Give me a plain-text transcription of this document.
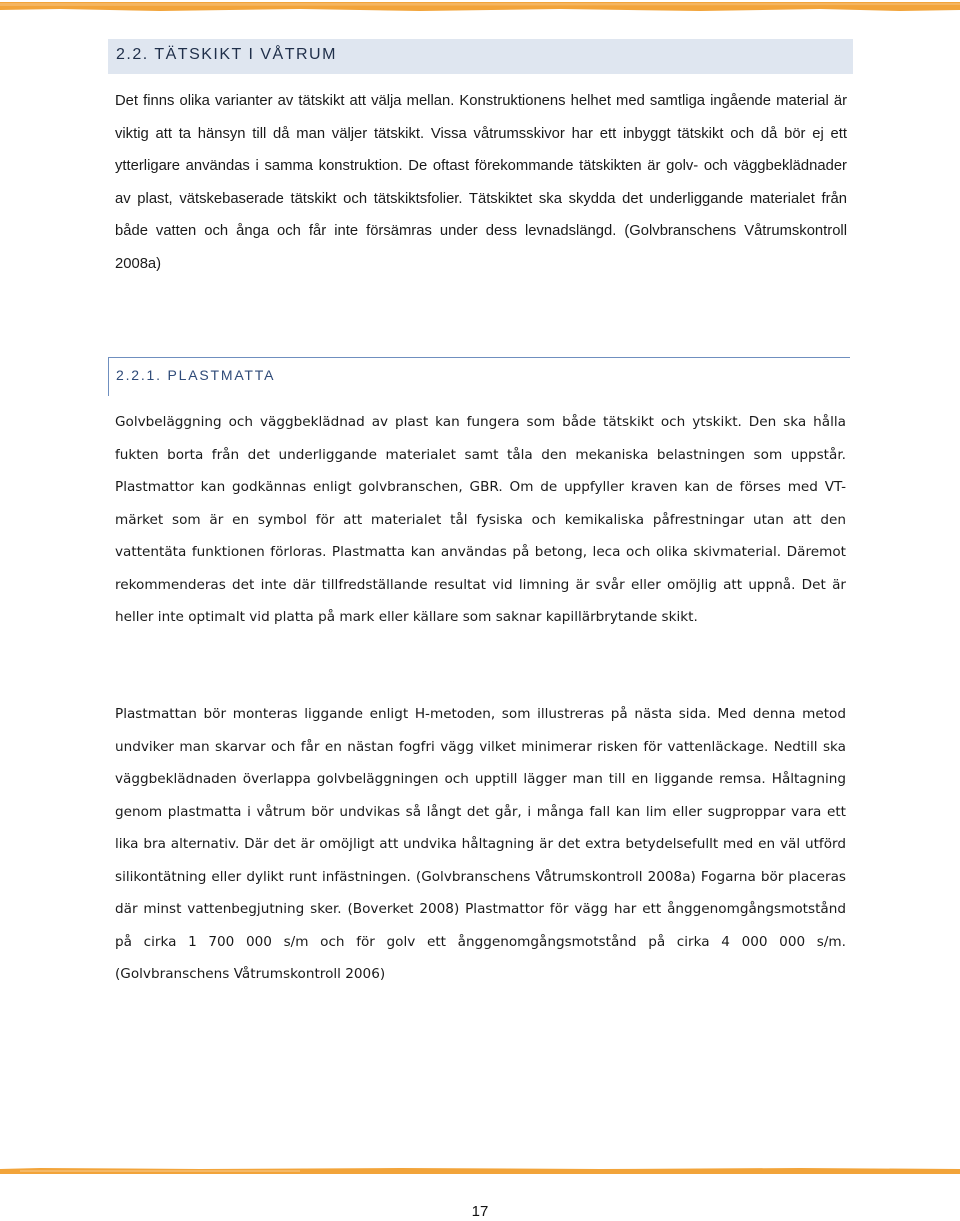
2.2. TÄTSKIKT I VÅTRUM

Det finns olika varianter av tätskikt att välja mellan. Konstruktionens helhet med samtliga ingående material är viktig att ta hänsyn till då man väljer tätskikt. Vissa våtrumsskivor har ett inbyggt tätskikt och då bör ej ett ytterligare användas i samma konstruktion. De oftast förekommande tätskikten är golv- och väggbeklädnader av plast, vätskebaserade tätskikt och tätskiktsfolier. Tätskiktet ska skydda det underliggande materialet från både vatten och ånga och får inte försämras under dess levnadslängd. (Golvbranschens Våtrumskontroll 2008a)

2.2.1. PLASTMATTA

Golvbeläggning och väggbeklädnad av plast kan fungera som både tätskikt och ytskikt. Den ska hålla fukten borta från det underliggande materialet samt tåla den mekaniska belastningen som uppstår. Plastmattor kan godkännas enligt golvbranschen, GBR. Om de uppfyller kraven kan de förses med VT-märket som är en symbol för att materialet tål fysiska och kemikaliska påfrestningar utan att den vattentäta funktionen förloras. Plastmatta kan användas på betong, leca och olika skivmaterial. Däremot rekommenderas det inte där tillfredställande resultat vid limning är svår eller omöjlig att uppnå. Det är heller inte optimalt vid platta på mark eller källare som saknar kapillärbrytande skikt.

Plastmattan bör monteras liggande enligt H-metoden, som illustreras på nästa sida. Med denna metod undviker man skarvar och får en nästan fogfri vägg vilket minimerar risken för vattenläckage. Nedtill ska väggbeklädnaden överlappa golvbeläggningen och upptill lägger man till en liggande remsa. Håltagning genom plastmatta i våtrum bör undvikas så långt det går, i många fall kan lim eller sugproppar vara ett lika bra alternativ. Där det är omöjligt att undvika håltagning är det extra betydelsefullt med en väl utförd silikontätning eller dylikt runt infästningen. (Golvbranschens Våtrumskontroll 2008a) Fogarna bör placeras där minst vattenbegjutning sker. (Boverket 2008) Plastmattor för vägg har ett ånggenomgångsmotstånd på cirka 1 700 000 s/m och för golv ett ånggenomgångsmotstånd på cirka 4 000 000 s/m. (Golvbranschens Våtrumskontroll 2006)

17
